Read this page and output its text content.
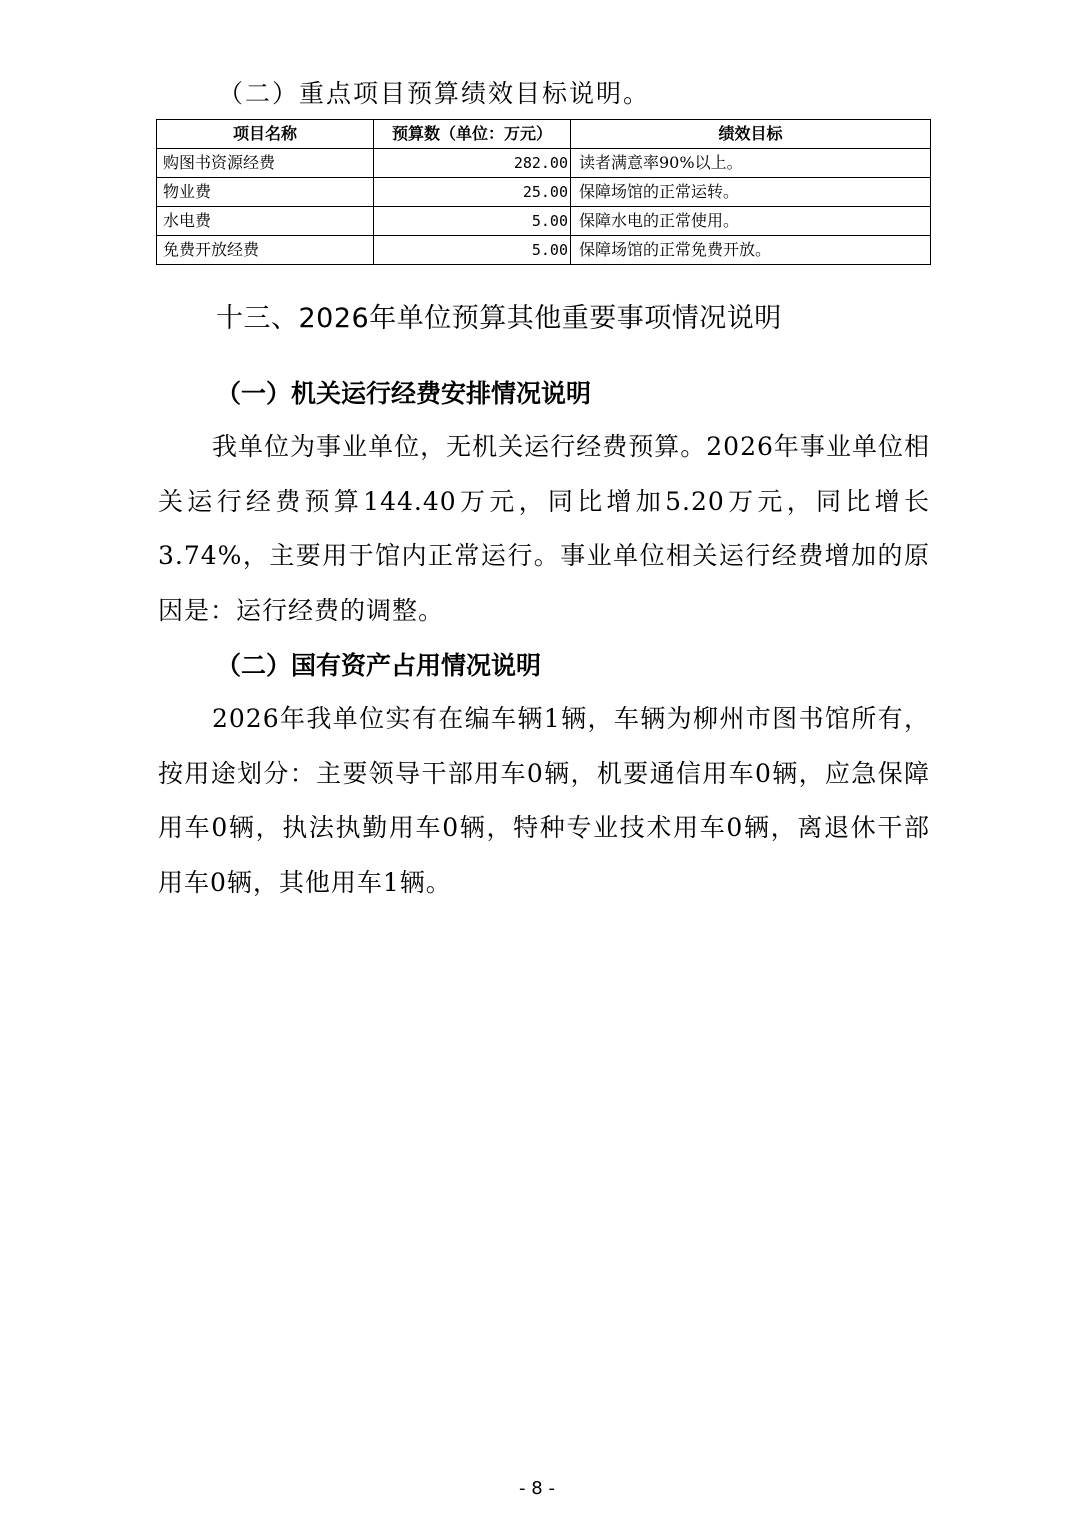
（二）重点项目预算绩效目标说明。
项目名称	预算数（单位：万元）	绩效目标
购图书资源经费	282.00	读者满意率90%以上。
物业费	25.00	保障场馆的正常运转。
水电费	5.00	保障水电的正常使用。
免费开放经费	5.00	保障场馆的正常免费开放。
十三、2026年单位预算其他重要事项情况说明
（一）机关运行经费安排情况说明
我单位为事业单位，无机关运行经费预算。2026年事业单位相关运行经费预算144.40万元，同比增加5.20万元，同比增长3.74%，主要用于馆内正常运行。事业单位相关运行经费增加的原因是：运行经费的调整。
（二）国有资产占用情况说明
2026年我单位实有在编车辆1辆，车辆为柳州市图书馆所有，按用途划分：主要领导干部用车0辆，机要通信用车0辆，应急保障用车0辆，执法执勤用车0辆，特种专业技术用车0辆，离退休干部用车0辆，其他用车1辆。
- 8 -
